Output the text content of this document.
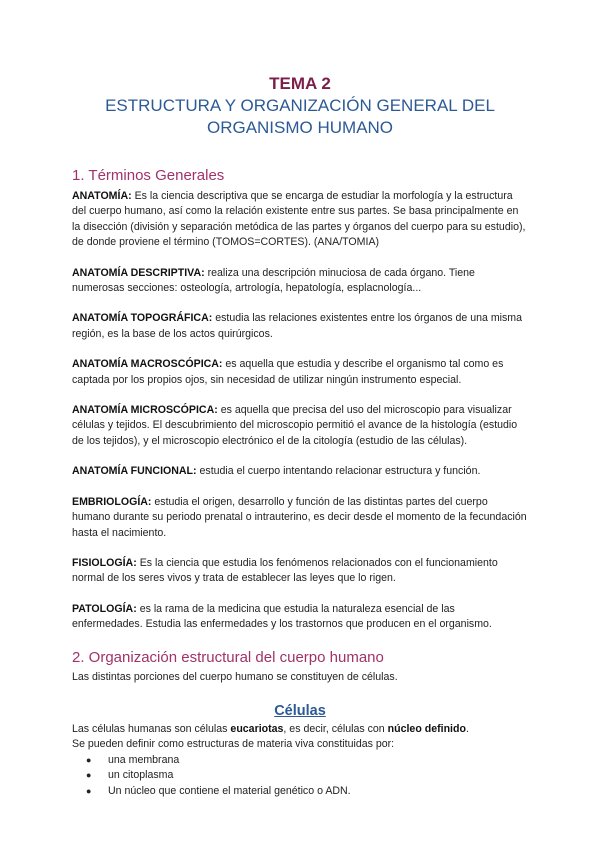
TEMA 2
ESTRUCTURA Y ORGANIZACIÓN GENERAL DEL
ORGANISMO HUMANO
1. Términos Generales

ANATOMÍA: Es la ciencia descriptiva que se encarga de estudiar la morfología y la estructura del cuerpo humano, así como la relación existente entre sus partes. Se basa principalmente en la disección (división y separación metódica de las partes y órganos del cuerpo para su estudio), de donde proviene el término (TOMOS=CORTES). (ANA/TOMIA)

ANATOMÍA DESCRIPTIVA: realiza una descripción minuciosa de cada órgano. Tiene numerosas secciones: osteología, artrología, hepatología, esplacnología...

ANATOMÍA TOPOGRÁFICA: estudia las relaciones existentes entre los órganos de una misma región, es la base de los actos quirúrgicos.

ANATOMÍA MACROSCÓPICA: es aquella que estudia y describe el organismo tal como es captada por los propios ojos, sin necesidad de utilizar ningún instrumento especial.

ANATOMÍA MICROSCÓPICA: es aquella que precisa del uso del microscopio para visualizar células y tejidos. El descubrimiento del microscopio permitió el avance de la histología (estudio de los tejidos), y el microscopio electrónico el de la citología (estudio de las células).

ANATOMÍA FUNCIONAL: estudia el cuerpo intentando relacionar estructura y función.

EMBRIOLOGÍA: estudia el origen, desarrollo y función de las distintas partes del cuerpo humano durante su periodo prenatal o intrauterino, es decir desde el momento de la fecundación hasta el nacimiento.

FISIOLOGÍA: Es la ciencia que estudia los fenómenos relacionados con el funcionamiento normal de los seres vivos y trata de establecer las leyes que lo rigen.

PATOLOGÍA: es la rama de la medicina que estudia la naturaleza esencial de las enfermedades. Estudia las enfermedades y los trastornos que producen en el organismo.

2. Organización estructural del cuerpo humano

Las distintas porciones del cuerpo humano se constituyen de células.

Células

Las células humanas son células eucariotas, es decir, células con núcleo definido.

Se pueden definir como estructuras de materia viva constituidas por:

● una membrana
● un citoplasma
● Un núcleo que contiene el material genético o ADN.
